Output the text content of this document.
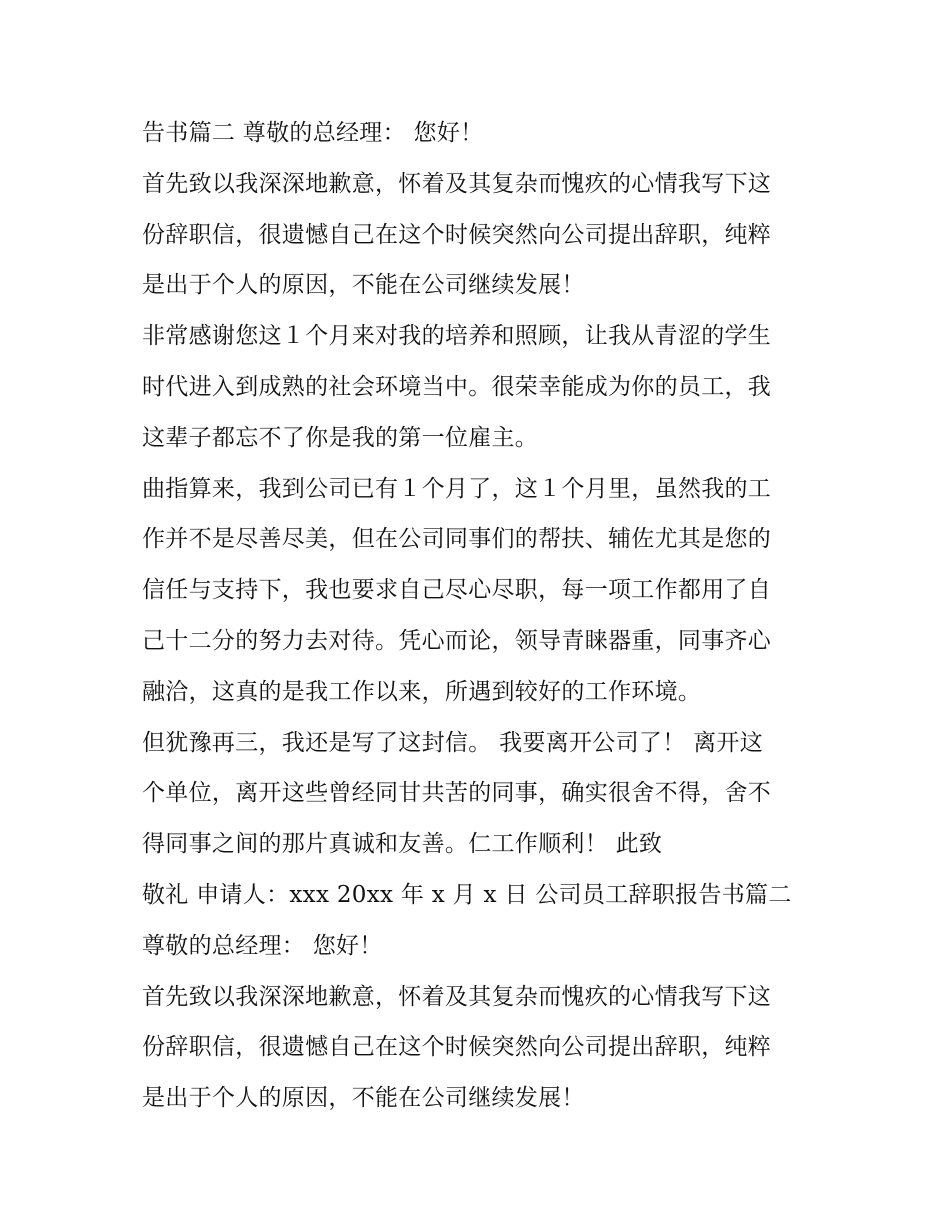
告书篇二 尊敬的总经理： 您好！
首先致以我深深地歉意，怀着及其复杂而愧疚的心情我写下这
份辞职信，很遗憾自己在这个时候突然向公司提出辞职，纯粹
是出于个人的原因，不能在公司继续发展！
非常感谢您这１个月来对我的培养和照顾，让我从青涩的学生
时代进入到成熟的社会环境当中。很荣幸能成为你的员工，我
这辈子都忘不了你是我的第一位雇主。
曲指算来，我到公司已有１个月了，这１个月里，虽然我的工
作并不是尽善尽美，但在公司同事们的帮扶、辅佐尤其是您的
信任与支持下，我也要求自己尽心尽职，每一项工作都用了自
己十二分的努力去对待。凭心而论，领导青睐器重，同事齐心
融洽，这真的是我工作以来，所遇到较好的工作环境。
但犹豫再三，我还是写了这封信。 我要离开公司了！ 离开这
个单位，离开这些曾经同甘共苦的同事，确实很舍不得，舍不
得同事之间的那片真诚和友善。仁工作顺利！ 此致
敬礼 申请人：xxx 20xx 年 x 月 x 日 公司员工辞职报告书篇二
尊敬的总经理： 您好！
首先致以我深深地歉意，怀着及其复杂而愧疚的心情我写下这
份辞职信，很遗憾自己在这个时候突然向公司提出辞职，纯粹
是出于个人的原因，不能在公司继续发展！
